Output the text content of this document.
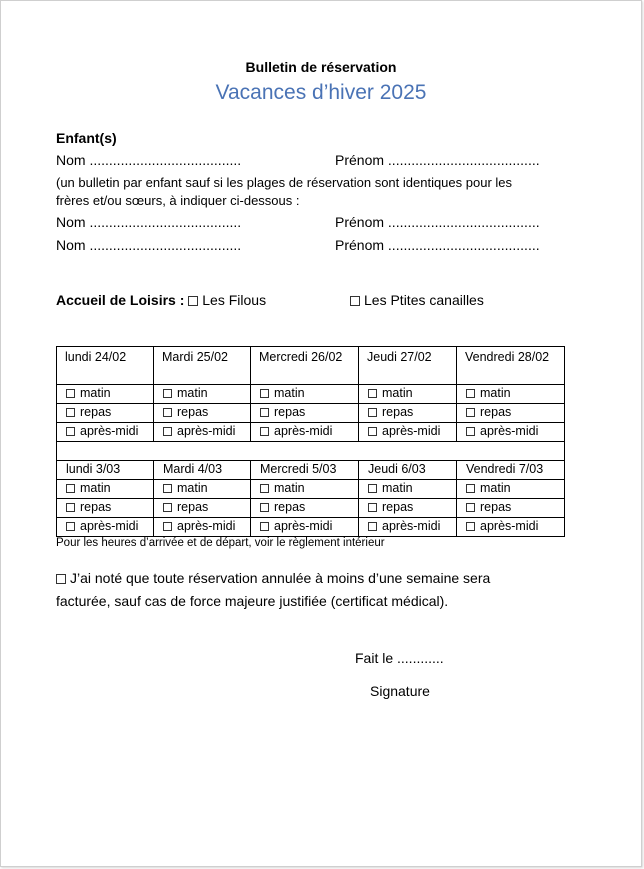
Bulletin de réservation
Vacances d’hiver 2025
Enfant(s)
Nom .......................................	Prénom .......................................
(un bulletin par enfant sauf si les plages de réservation sont identiques pour les
frères et/ou sœurs, à indiquer ci-dessous :
Nom .......................................	Prénom .......................................
Nom .......................................	Prénom .......................................
Accueil de Loisirs : Les Filous	Les Ptites canailles
lundi 24/02	Mardi 25/02	Mercredi 26/02	Jeudi 27/02	Vendredi 28/02
matin	matin	matin	matin	matin
repas	repas	repas	repas	repas
après-midi	après-midi	après-midi	après-midi	après-midi

lundi 3/03	Mardi 4/03	Mercredi 5/03	Jeudi 6/03	Vendredi 7/03
matin	matin	matin	matin	matin
repas	repas	repas	repas	repas
après-midi	après-midi	après-midi	après-midi	après-midi
Pour les heures d’arrivée et de départ, voir le règlement intérieur
J’ai noté que toute réservation annulée à moins d’une semaine sera
facturée, sauf cas de force majeure justifiée (certificat médical).
Fait le ............
Signature
